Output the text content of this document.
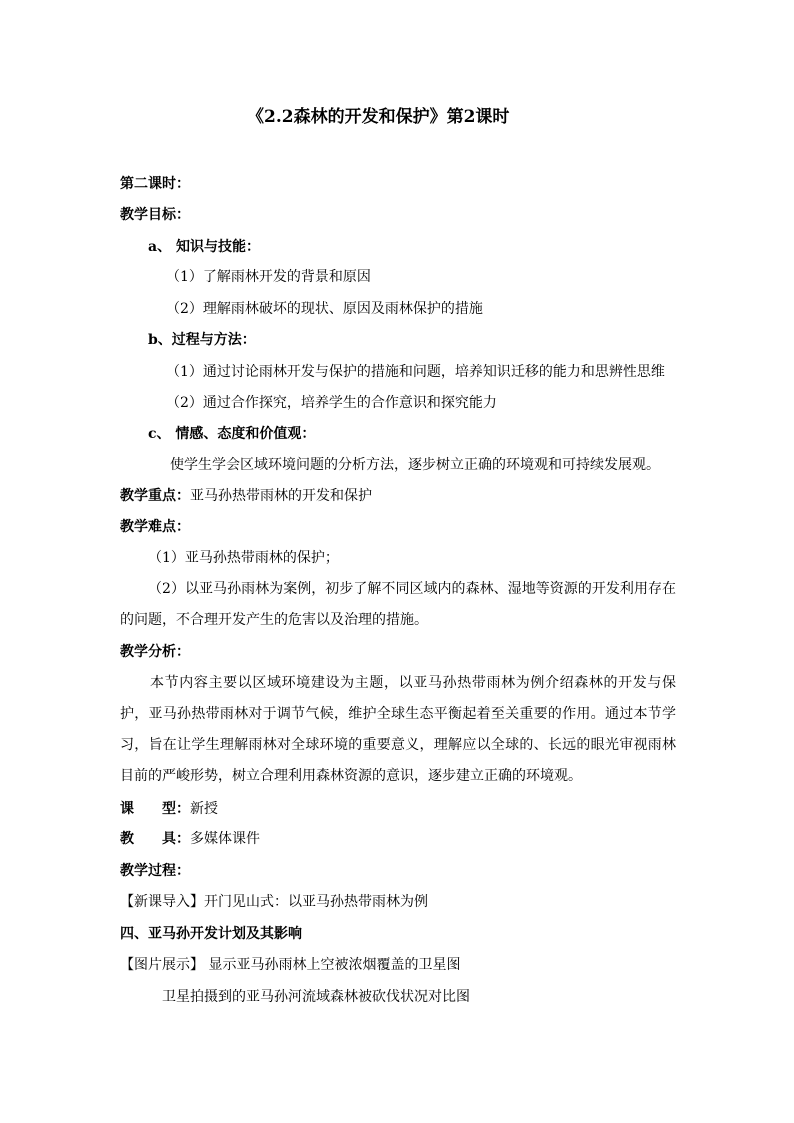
《2.2森林的开发和保护》第2课时
第二课时：
教学目标：
a、 知识与技能：
（1）了解雨林开发的背景和原因
（2）理解雨林破坏的现状、原因及雨林保护的措施
b、过程与方法：
（1）通过讨论雨林开发与保护的措施和问题，培养知识迁移的能力和思辨性思维
（2）通过合作探究，培养学生的合作意识和探究能力
c、 情感、态度和价值观：
使学生学会区域环境问题的分析方法，逐步树立正确的环境观和可持续发展观。
教学重点：亚马孙热带雨林的开发和保护
教学难点：
（1）亚马孙热带雨林的保护；
（2）以亚马孙雨林为案例，初步了解不同区域内的森林、湿地等资源的开发利用存在的问题，不合理开发产生的危害以及治理的措施。
教学分析：
本节内容主要以区域环境建设为主题，以亚马孙热带雨林为例介绍森林的开发与保护，亚马孙热带雨林对于调节气候，维护全球生态平衡起着至关重要的作用。通过本节学习，旨在让学生理解雨林对全球环境的重要意义，理解应以全球的、长远的眼光审视雨林目前的严峻形势，树立合理利用森林资源的意识，逐步建立正确的环境观。
课　　型：新授
教　　具：多媒体课件
教学过程：
【新课导入】开门见山式：以亚马孙热带雨林为例
四、亚马孙开发计划及其影响
【图片展示】 显示亚马孙雨林上空被浓烟覆盖的卫星图
卫星拍摄到的亚马孙河流域森林被砍伐状况对比图
